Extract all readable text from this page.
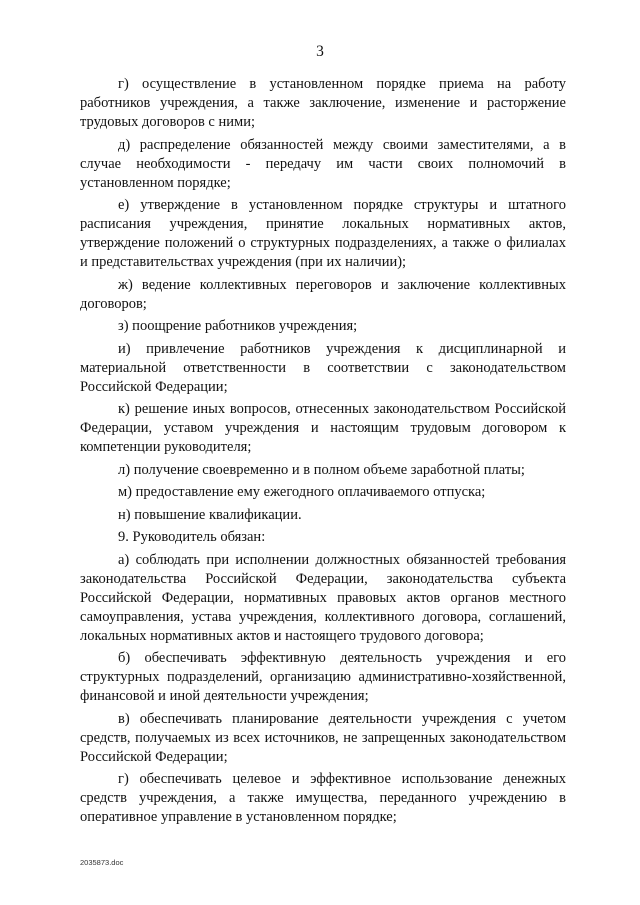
3

г) осуществление в установленном порядке приема на работу работников учреждения, а также заключение, изменение и расторжение трудовых договоров с ними;

д) распределение обязанностей между своими заместителями, а в случае необходимости - передачу им части своих полномочий в установленном порядке;

е) утверждение в установленном порядке структуры и штатного расписания учреждения, принятие локальных нормативных актов, утверждение положений о структурных подразделениях, а также о филиалах и представительствах учреждения (при их наличии);

ж) ведение коллективных переговоров и заключение коллективных договоров;

з) поощрение работников учреждения;

и) привлечение работников учреждения к дисциплинарной и материальной ответственности в соответствии с законодательством Российской Федерации;

к) решение иных вопросов, отнесенных законодательством Российской Федерации, уставом учреждения и настоящим трудовым договором к компетенции руководителя;

л) получение своевременно и в полном объеме заработной платы;

м) предоставление ему ежегодного оплачиваемого отпуска;

н) повышение квалификации.

9. Руководитель обязан:

а) соблюдать при исполнении должностных обязанностей требования законодательства Российской Федерации, законодательства субъекта Российской Федерации, нормативных правовых актов органов местного самоуправления, устава учреждения, коллективного договора, соглашений, локальных нормативных актов и настоящего трудового договора;

б) обеспечивать эффективную деятельность учреждения и его структурных подразделений, организацию административно-хозяйственной, финансовой и иной деятельности учреждения;

в) обеспечивать планирование деятельности учреждения с учетом средств, получаемых из всех источников, не запрещенных законодательством Российской Федерации;

г) обеспечивать целевое и эффективное использование денежных средств учреждения, а также имущества, переданного учреждению в оперативное управление в установленном порядке;

2035873.doc
